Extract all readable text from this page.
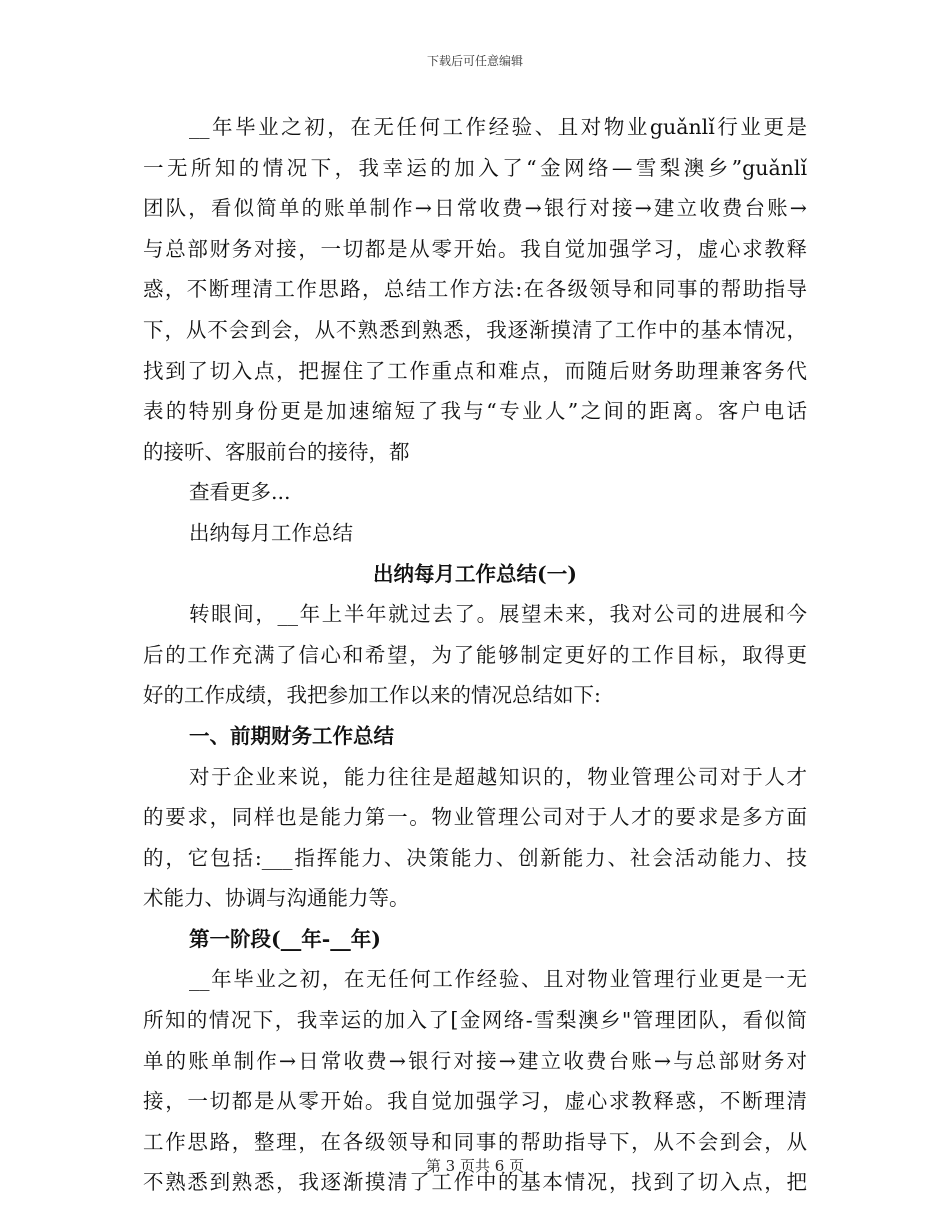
下载后可任意编辑
__年毕业之初，在无任何工作经验、且对物业guǎnlǐ行业更是
一无所知的情况下，我幸运的加入了“金网络—雪梨澳乡”guǎnlǐ
团队，看似简单的账单制作→日常收费→银行对接→建立收费台账→
与总部财务对接，一切都是从零开始。我自觉加强学习，虚心求教释
惑，不断理清工作思路，总结工作方法:在各级领导和同事的帮助指导
下，从不会到会，从不熟悉到熟悉，我逐渐摸清了工作中的基本情况，
找到了切入点，把握住了工作重点和难点，而随后财务助理兼客务代
表的特别身份更是加速缩短了我与“专业人”之间的距离。客户电话
的接听、客服前台的接待，都
查看更多...
出纳每月工作总结
出纳每月工作总结(一)
转眼间，__年上半年就过去了。展望未来，我对公司的进展和今
后的工作充满了信心和希望，为了能够制定更好的工作目标，取得更
好的工作成绩，我把参加工作以来的情况总结如下:
一、前期财务工作总结
对于企业来说，能力往往是超越知识的，物业管理公司对于人才
的要求，同样也是能力第一。物业管理公司对于人才的要求是多方面
的，它包括:___指挥能力、决策能力、创新能力、社会活动能力、技
术能力、协调与沟通能力等。
第一阶段(__年-__年)
__年毕业之初，在无任何工作经验、且对物业管理行业更是一无
所知的情况下，我幸运的加入了[金网络-雪梨澳乡"管理团队，看似简
单的账单制作→日常收费→银行对接→建立收费台账→与总部财务对
接，一切都是从零开始。我自觉加强学习，虚心求教释惑，不断理清
工作思路，整理，在各级领导和同事的帮助指导下，从不会到会，从
不熟悉到熟悉，我逐渐摸清了工作中的基本情况，找到了切入点，把
第 3 页共 6 页
